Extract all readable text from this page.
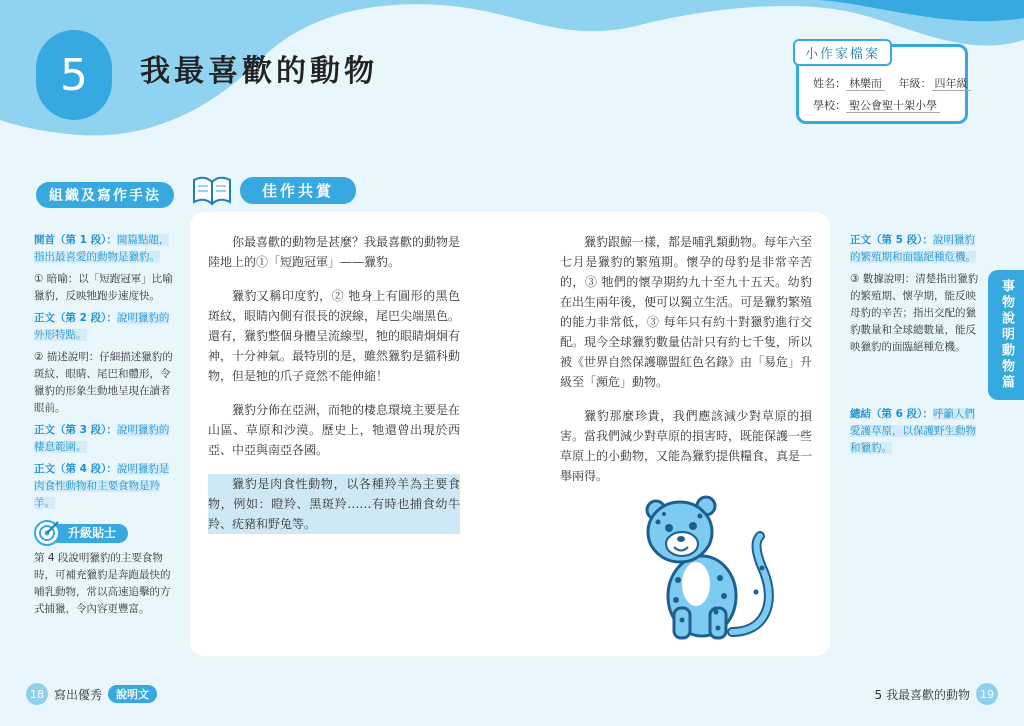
5	我最喜歡的動物	小作家檔案
姓名： 林樂而 年級： 四年級
學校： 聖公會聖十架小學
組織及寫作手法

開首（第 1 段）：開篇點題，指出最喜愛的動物是獵豹。

① 暗喻：以「短跑冠軍」比喻獵豹，反映牠跑步速度快。

正文（第 2 段）：說明獵豹的外形特點。

② 描述說明：仔細描述獵豹的斑紋、眼睛、尾巴和體形，令獵豹的形象生動地呈現在讀者眼前。

正文（第 3 段）：說明獵豹的棲息範圍。

正文（第 4 段）：說明獵豹是肉食性動物和主要食物是羚羊。

升級貼士

第 4 段說明獵豹的主要食物時，可補充獵豹是奔跑最快的哺乳動物，常以高速追擊的方式捕獵，令內容更豐富。

佳作共賞

你最喜歡的動物是甚麼？我最喜歡的動物是陸地上的①「短跑冠軍」——獵豹。

獵豹又稱印度豹，② 牠身上有圓形的黑色斑紋，眼睛內側有很長的淚線，尾巴尖端黑色。還有，獵豹整個身體呈流線型，牠的眼睛炯炯有神，十分神氣。最特別的是，雖然獵豹是貓科動物，但是牠的爪子竟然不能伸縮！

獵豹分佈在亞洲，而牠的棲息環境主要是在山區、草原和沙漠。歷史上，牠還曾出現於西亞、中亞與南亞各國。

獵豹是肉食性動物，以各種羚羊為主要食物，例如：瞪羚、黑斑羚……有時也捕食幼牛羚、疣豬和野兔等。

獵豹跟鯨一樣，都是哺乳類動物。每年六至七月是獵豹的繁殖期。懷孕的母豹是非常辛苦的，③ 牠們的懷孕期約九十至九十五天。幼豹在出生兩年後，便可以獨立生活。可是獵豹繁殖的能力非常低，③ 每年只有約十對獵豹進行交配。現今全球獵豹數量估計只有約七千隻，所以被《世界自然保護聯盟紅色名錄》由「易危」升級至「瀕危」動物。

獵豹那麼珍貴，我們應該減少對草原的損害。當我們減少對草原的損害時，既能保護一些草原上的小動物，又能為獵豹提供糧食，真是一舉兩得。

正文（第 5 段）：說明獵豹的繁殖期和面臨絕種危機。

③ 數據說明：清楚指出獵豹的繁殖期、懷孕期，能反映母豹的辛苦；指出交配的獵豹數量和全球總數量，能反映獵豹的面臨絕種危機。

總結（第 6 段）：呼籲人們愛護草原，以保護野生動物和獵豹。

事物說明
動物篇
18 寫出優秀	說明文	5 我最喜歡的動物 19
